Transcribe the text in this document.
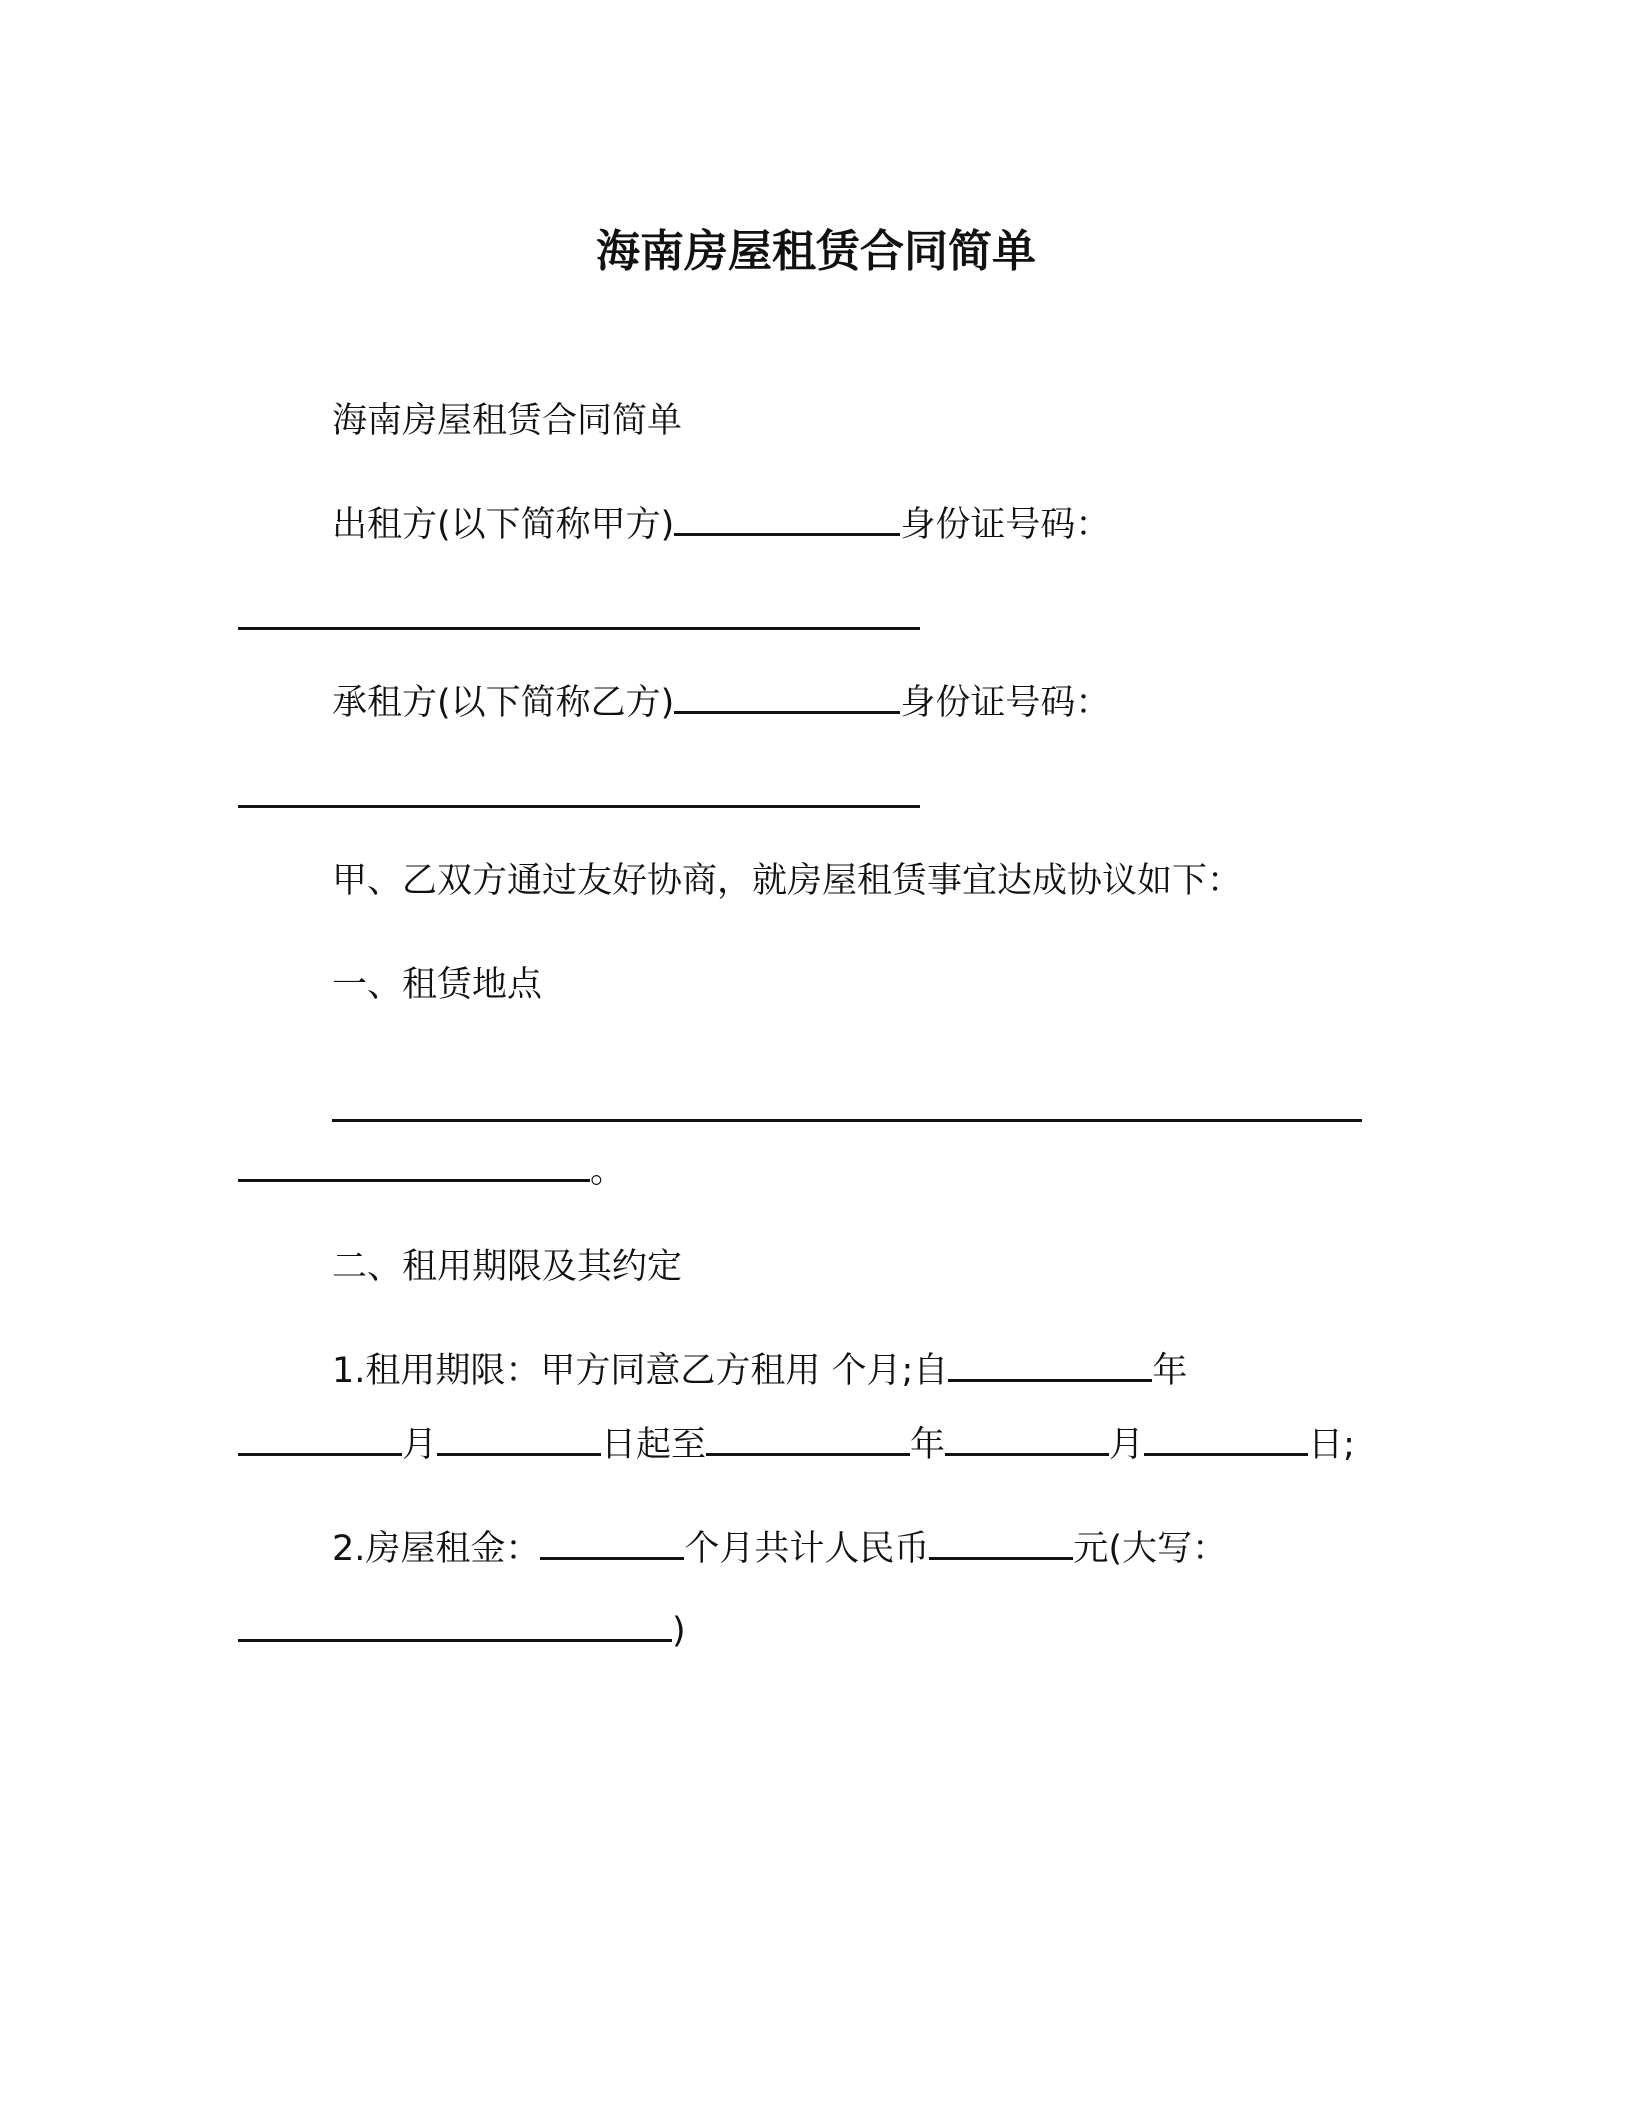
海南房屋租赁合同简单
海南房屋租赁合同简单
出租方(以下简称甲方)	身份证号码：
承租方(以下简称乙方)	身份证号码：
甲、乙双方通过友好协商，就房屋租赁事宜达成协议如下：
一、租赁地点
。
二、租用期限及其约定
1.租用期限：甲方同意乙方租用 个月;自	年
月	日起至	年	月	日;
2.房屋租金：	个月共计人民币	元(大写：
)
